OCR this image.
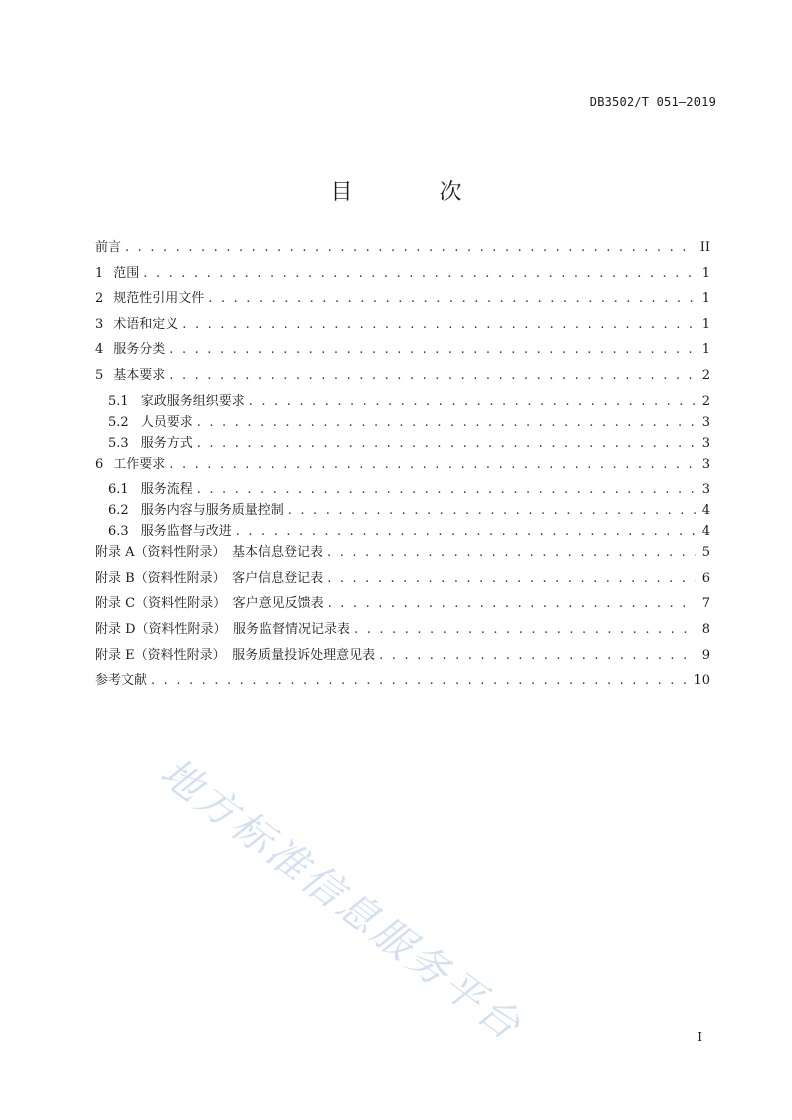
DB3502/T 051—2019
目 次
前言 . . .	II
1 范围 . . .	1
2 规范性引用文件 . . .	1
3 术语和定义 . . .	1
4 服务分类 . . .	1
5 基本要求 . . .	2
5.1 家政服务组织要求 . . .	2
5.2 人员要求 . . .	3
5.3 服务方式 . . .	3
6 工作要求 . . .	3
6.1 服务流程 . . .	3
6.2 服务内容与服务质量控制 . . .	4
6.3 服务监督与改进 . . .	4
附录 A（资料性附录）　基本信息登记表 . . .	5
附录 B（资料性附录）　客户信息登记表 . . .	6
附录 C（资料性附录）　客户意见反馈表 . . .	7
附录 D（资料性附录）　服务监督情况记录表 . . .	8
附录 E（资料性附录）　服务质量投诉处理意见表 . . .	9
参考文献 . . .	10
地方标准信息服务平台	I
